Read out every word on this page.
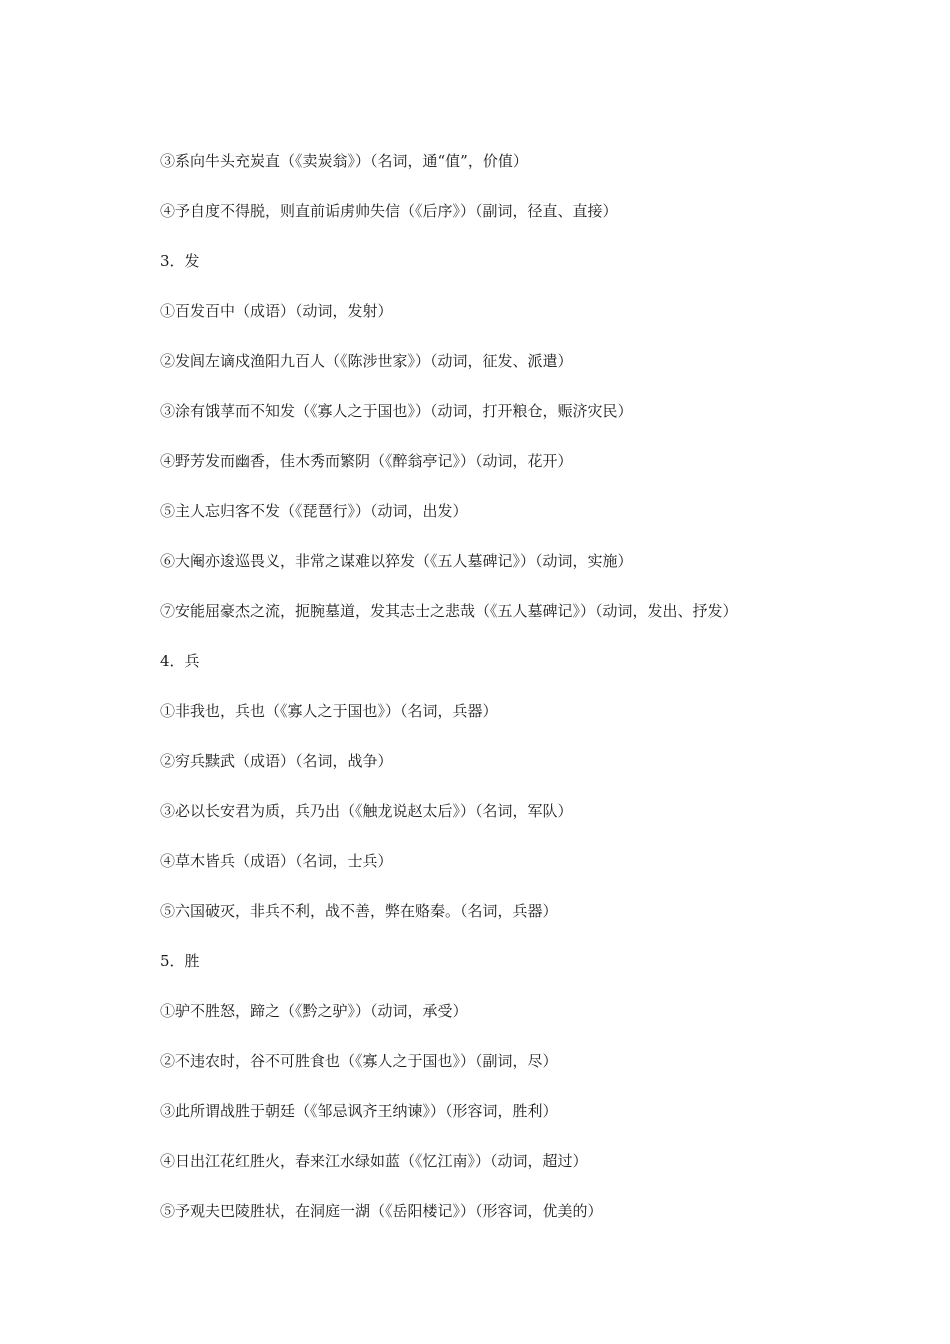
③系向牛头充炭直（《卖炭翁》）（名词，通“值”，价值）
④予自度不得脱，则直前诟虏帅失信（《后序》）（副词，径直、直接）
3．发
①百发百中（成语）（动词，发射）
②发闾左谪戍渔阳九百人（《陈涉世家》）（动词，征发、派遣）
③涂有饿莩而不知发（《寡人之于国也》）（动词，打开粮仓，赈济灾民）
④野芳发而幽香，佳木秀而繁阴（《醉翁亭记》）（动词，花开）
⑤主人忘归客不发（《琵琶行》）（动词，出发）
⑥大阉亦逡巡畏义，非常之谋难以猝发（《五人墓碑记》）（动词，实施）
⑦安能屈豪杰之流，扼腕墓道，发其志士之悲哉（《五人墓碑记》）（动词，发出、抒发）
4．兵
①非我也，兵也（《寡人之于国也》）（名词，兵器）
②穷兵黩武（成语）（名词，战争）
③必以长安君为质，兵乃出（《触龙说赵太后》）（名词，军队）
④草木皆兵（成语）（名词，士兵）
⑤六国破灭，非兵不利，战不善，弊在赂秦。（名词，兵器）
5．胜
①驴不胜怒，蹄之（《黔之驴》）（动词，承受）
②不违农时，谷不可胜食也（《寡人之于国也》）（副词，尽）
③此所谓战胜于朝廷（《邹忌讽齐王纳谏》）（形容词，胜利）
④日出江花红胜火，春来江水绿如蓝（《忆江南》）（动词，超过）
⑤予观夫巴陵胜状，在洞庭一湖（《岳阳楼记》）（形容词，优美的）
